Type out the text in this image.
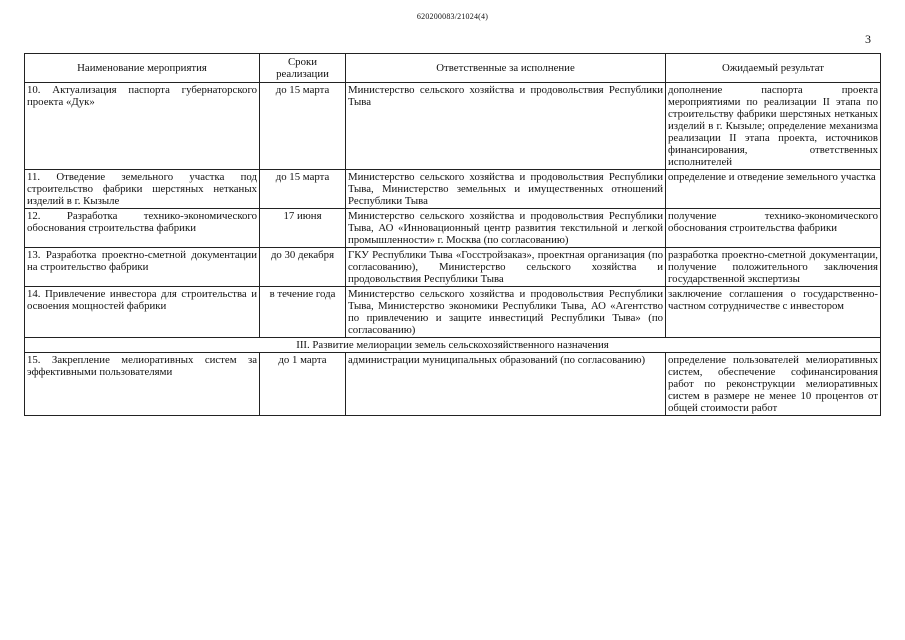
620200083/21024(4)
3
Наименование мероприятия	Сроки реализации	Ответственные за исполнение	Ожидаемый результат
10. Актуализация паспорта губернаторского проекта «Дук»	до 15 марта	Министерство сельского хозяйства и продовольствия Республики Тыва	дополнение паспорта проекта мероприятиями по реализации II этапа по строительству фабрики шерстяных нетканых изделий в г. Кызыле; определение механизма реализации II этапа проекта, источников финансирования, ответственных исполнителей
11. Отведение земельного участка под строительство фабрики шерстяных нетканых изделий в г. Кызыле	до 15 марта	Министерство сельского хозяйства и продовольствия Республики Тыва, Министерство земельных и имущественных отношений Республики Тыва	определение и отведение земельного участка
12. Разработка технико-экономического обоснования строительства фабрики	17 июня	Министерство сельского хозяйства и продовольствия Республики Тыва, АО «Инновационный центр развития текстильной и легкой промышленности» г. Москва (по согласованию)	получение технико-экономического обоснования строительства фабрики
13. Разработка проектно-сметной документации на строительство фабрики	до 30 декабря	ГКУ Республики Тыва «Госстройзаказ», проектная организация (по согласованию), Министерство сельского хозяйства и продовольствия Республики Тыва	разработка проектно-сметной документации, получение положительного заключения государственной экспертизы
14. Привлечение инвестора для строительства и освоения мощностей фабрики	в течение года	Министерство сельского хозяйства и продовольствия Республики Тыва, Министерство экономики Республики Тыва, АО «Агентство по привлечению и защите инвестиций Республики Тыва» (по согласованию)	заключение соглашения о государственно-частном сотрудничестве с инвестором
III. Развитие мелиорации земель сельскохозяйственного назначения			
15. Закрепление мелиоративных систем за эффективными пользователями	до 1 марта	администрации муниципальных образований (по согласованию)	определение пользователей мелиоративных систем, обеспечение софинансирования работ по реконструкции мелиоративных систем в размере не менее 10 процентов от общей стоимости работ
